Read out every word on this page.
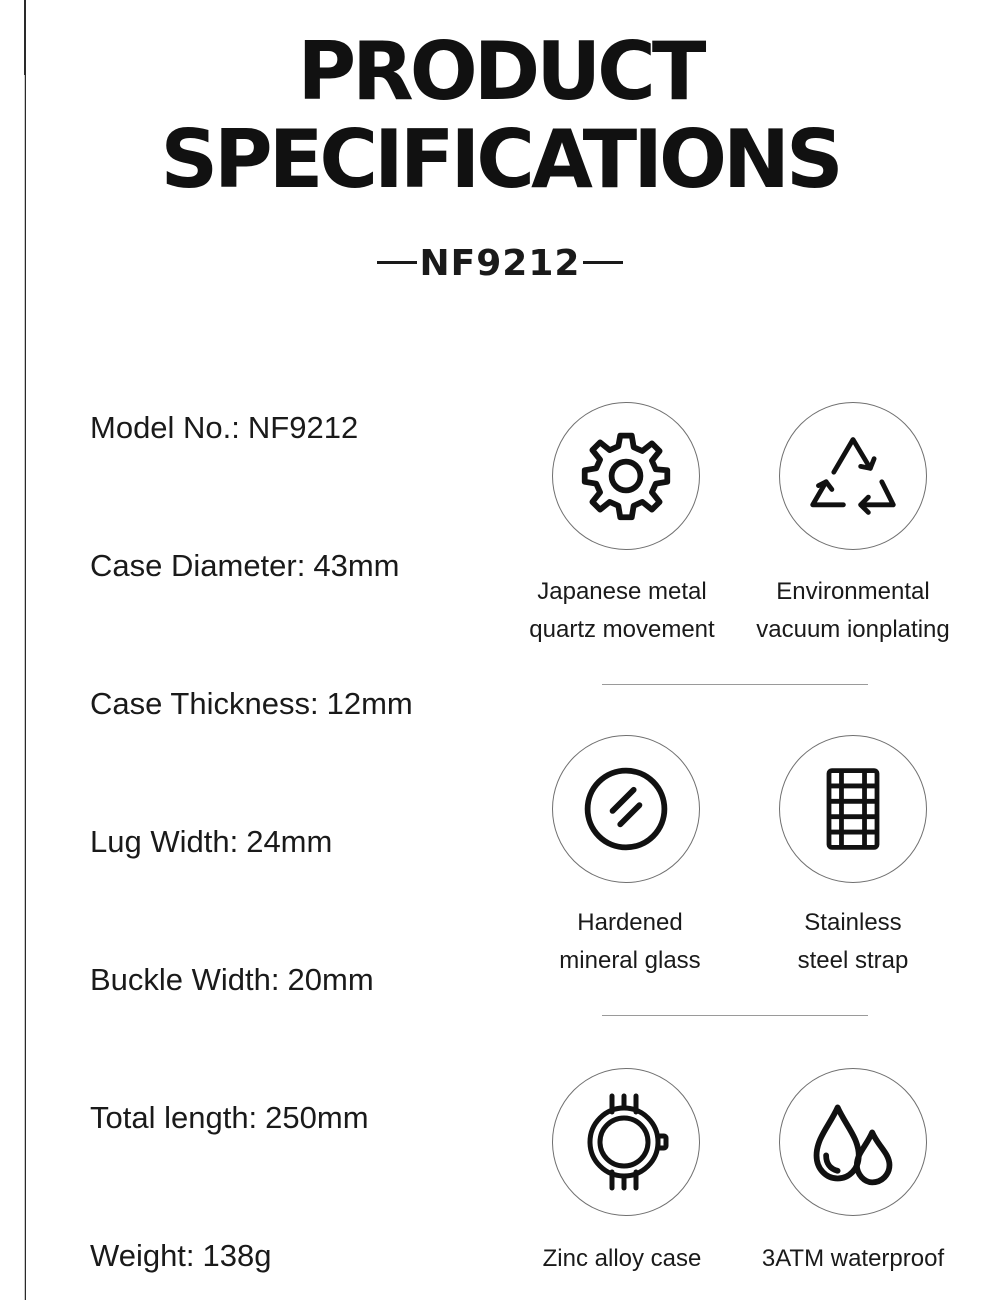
PRODUCT
SPECIFICATIONS
NF9212
Model No.: NF9212
Case Diameter: 43mm
Case Thickness: 12mm
Lug Width: 24mm
Buckle Width: 20mm
Total length: 250mm
Weight: 138g
Japanese metal
quartz movement
Environmental
vacuum ionplating
Hardened
mineral glass
Stainless
steel strap
Zinc alloy case	3ATM waterproof
